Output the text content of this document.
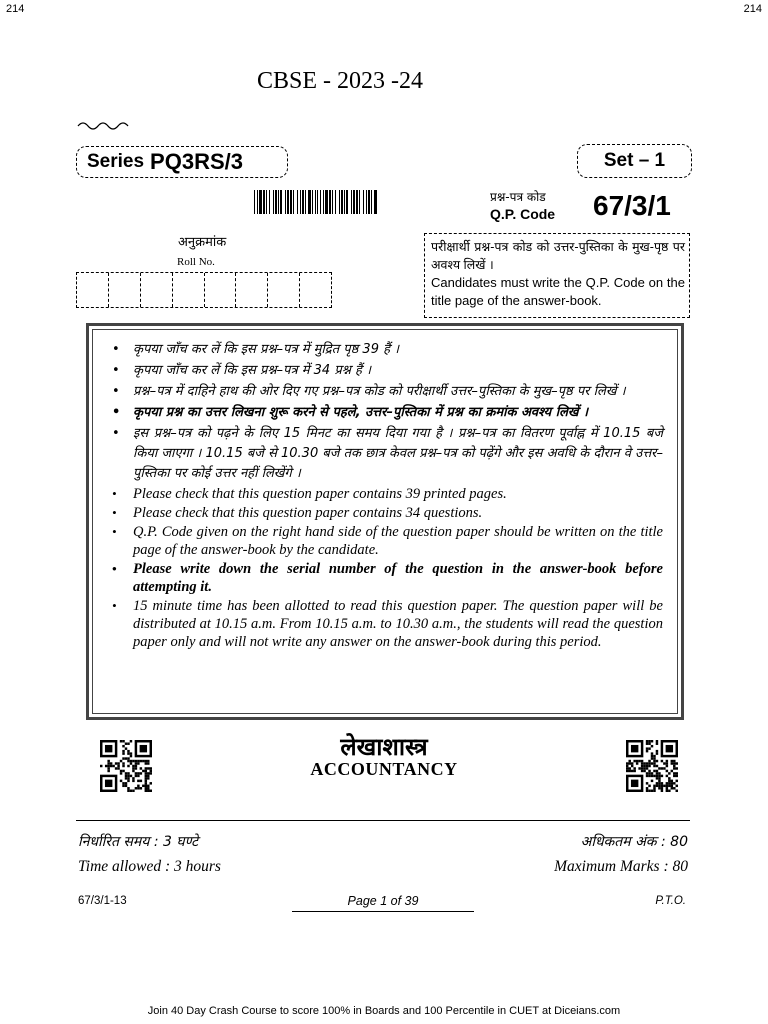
214	214
CBSE - 2023 -24
Series PQ3RS/3	Set – 1
प्रश्न-पत्र कोड
Q.P. Code 67/3/1
अनुक्रमांक
Roll No.
परीक्षार्थी प्रश्न-पत्र कोड को उत्तर-पुस्तिका के मुख-पृष्ठ पर अवश्य लिखें ।
Candidates must write the Q.P. Code on the title page of the answer-book.
• कृपया जाँच कर लें कि इस प्रश्न–पत्र में मुद्रित पृष्ठ 39 हैं ।
• कृपया जाँच कर लें कि इस प्रश्न–पत्र में 34 प्रश्न हैं ।
• प्रश्न–पत्र में दाहिने हाथ की ओर दिए गए प्रश्न–पत्र कोड को परीक्षार्थी उत्तर–पुस्तिका के मुख–पृष्ठ पर लिखें ।
• कृपया प्रश्न का उत्तर लिखना शुरू करने से पहले, उत्तर–पुस्तिका में प्रश्न का क्रमांक अवश्य लिखें ।
• इस प्रश्न–पत्र को पढ़ने के लिए 15 मिनट का समय दिया गया है । प्रश्न–पत्र का वितरण पूर्वाह्न में 10.15 बजे किया जाएगा । 10.15 बजे से 10.30 बजे तक छात्र केवल प्रश्न–पत्र को पढ़ेंगे और इस अवधि के दौरान वे उत्तर–पुस्तिका पर कोई उत्तर नहीं लिखेंगे ।
• Please check that this question paper contains 39 printed pages.
• Please check that this question paper contains 34 questions.
• Q.P. Code given on the right hand side of the question paper should be written on the title page of the answer-book by the candidate.
• Please write down the serial number of the question in the answer-book before attempting it.
• 15 minute time has been allotted to read this question paper. The question paper will be distributed at 10.15 a.m. From 10.15 a.m. to 10.30 a.m., the students will read the question paper only and will not write any answer on the answer-book during this period.
लेखाशास्त्र
ACCOUNTANCY
निर्धारित समय : 3 घण्टे	अधिकतम अंक : 80
Time allowed : 3 hours	Maximum Marks : 80
67/3/1-13	Page 1 of 39	P.T.O.
Join 40 Day Crash Course to score 100% in Boards and 100 Percentile in CUET at Diceians.com
